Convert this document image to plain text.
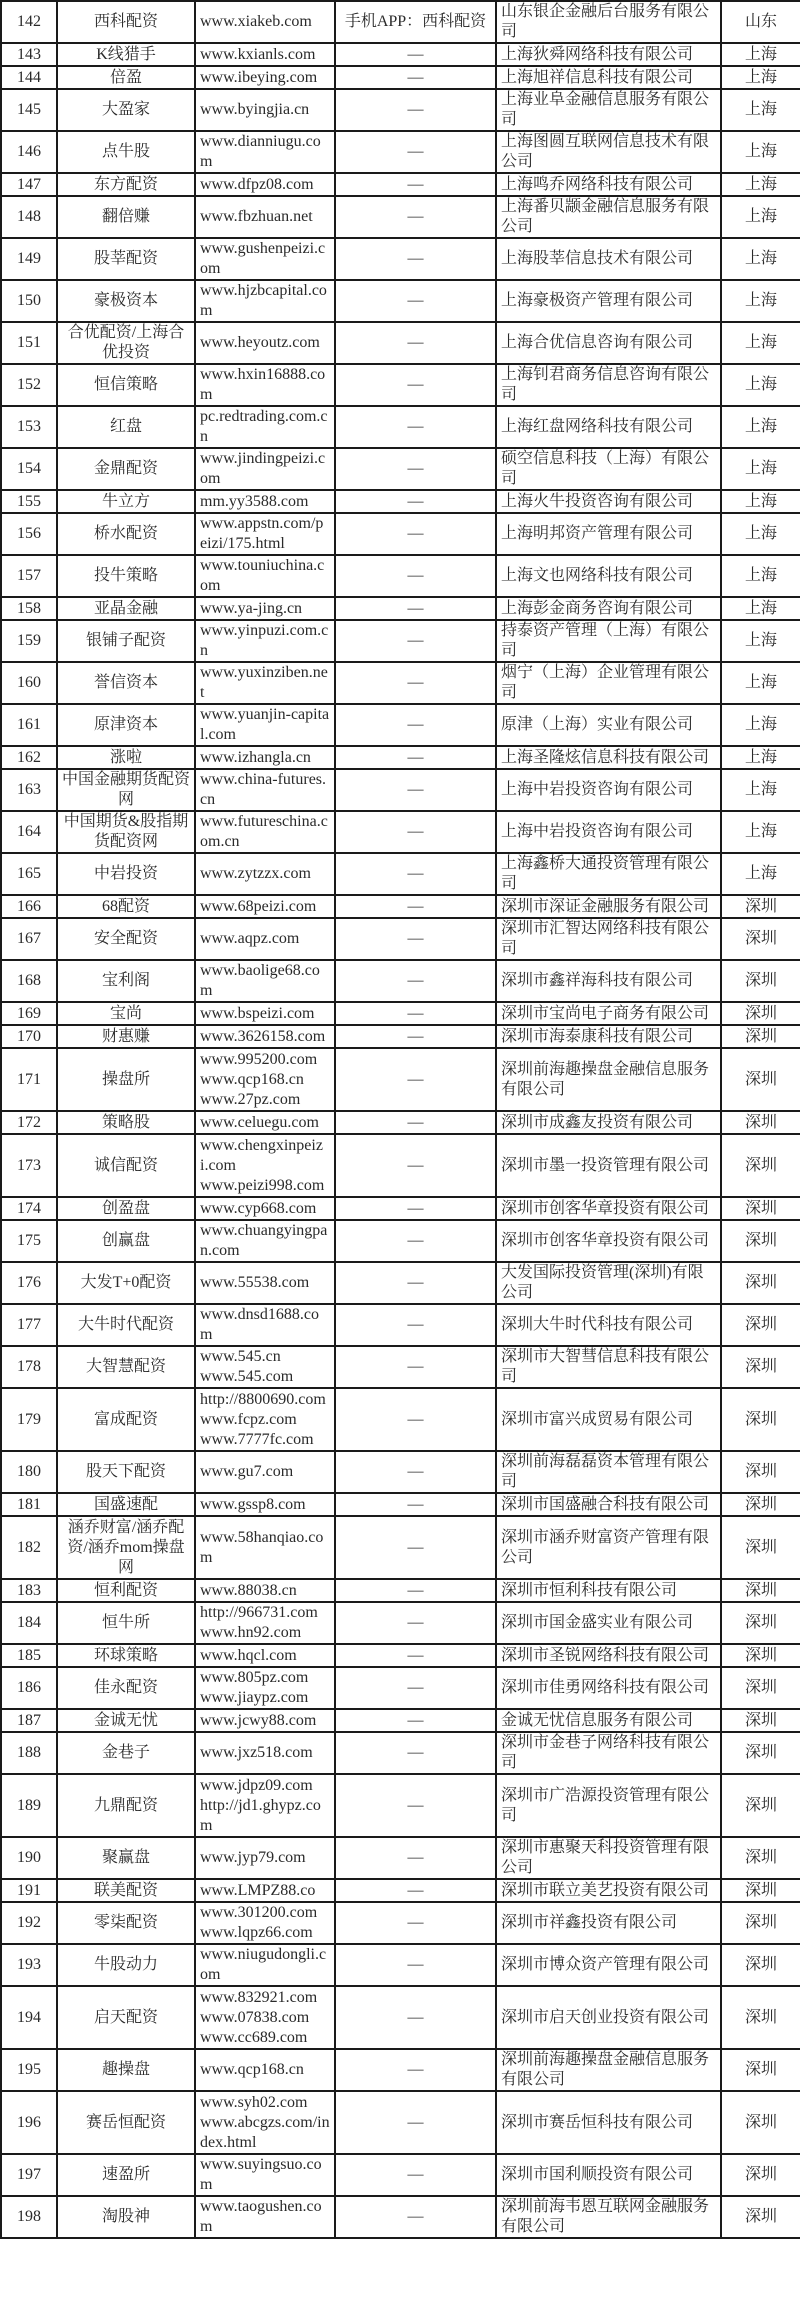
142	西科配资	www.xiakeb.com	手机APP：西科配资	山东银企金融后台服务有限公司	山东
143	K线猎手	www.kxianls.com	—	上海狄舜网络科技有限公司	上海
144	倍盈	www.ibeying.com	—	上海旭祥信息科技有限公司	上海
145	大盈家	www.byingjia.cn	—	上海业阜金融信息服务有限公司	上海
146	点牛股	www.dianniugu.com	—	上海图圆互联网信息技术有限公司	上海
147	东方配资	www.dfpz08.com	—	上海鸣乔网络科技有限公司	上海
148	翻倍赚	www.fbzhuan.net	—	上海番贝颛金融信息服务有限公司	上海
149	股莘配资	www.gushenpeizi.com	—	上海股莘信息技术有限公司	上海
150	豪极资本	www.hjzbcapital.com	—	上海豪极资产管理有限公司	上海
151	合优配资/上海合优投资	www.heyoutz.com	—	上海合优信息咨询有限公司	上海
152	恒信策略	www.hxin16888.com	—	上海钊君商务信息咨询有限公司	上海
153	红盘	pc.redtrading.com.cn	—	上海红盘网络科技有限公司	上海
154	金鼎配资	www.jindingpeizi.com	—	硕空信息科技（上海）有限公司	上海
155	牛立方	mm.yy3588.com	—	上海火牛投资咨询有限公司	上海
156	桥水配资	www.appstn.com/peizi/175.html	—	上海明邦资产管理有限公司	上海
157	投牛策略	www.touniuchina.com	—	上海文也网络科技有限公司	上海
158	亚晶金融	www.ya-jing.cn	—	上海彭金商务咨询有限公司	上海
159	银铺子配资	www.yinpuzi.com.cn	—	持泰资产管理（上海）有限公司	上海
160	誉信资本	www.yuxinziben.net	—	烟宁（上海）企业管理有限公司	上海
161	原津资本	www.yuanjin-capital.com	—	原津（上海）实业有限公司	上海
162	涨啦	www.izhangla.cn	—	上海圣隆炫信息科技有限公司	上海
163	中国金融期货配资网	www.china-futures.cn	—	上海中岩投资咨询有限公司	上海
164	中国期货&股指期货配资网	www.futureschina.com.cn	—	上海中岩投资咨询有限公司	上海
165	中岩投资	www.zytzzx.com	—	上海鑫桥大通投资管理有限公司	上海
166	68配资	www.68peizi.com	—	深圳市深证金融服务有限公司	深圳
167	安全配资	www.aqpz.com	—	深圳市汇智达网络科技有限公司	深圳
168	宝利阁	www.baolige68.com	—	深圳市鑫祥海科技有限公司	深圳
169	宝尚	www.bspeizi.com	—	深圳市宝尚电子商务有限公司	深圳
170	财惠赚	www.3626158.com	—	深圳市海泰康科技有限公司	深圳
171	操盘所	www.995200.com
www.qcp168.cn
www.27pz.com	—	深圳前海趣操盘金融信息服务有限公司	深圳
172	策略股	www.celuegu.com	—	深圳市成鑫友投资有限公司	深圳
173	诚信配资	www.chengxinpeizi.com
www.peizi998.com	—	深圳市墨一投资管理有限公司	深圳
174	创盈盘	www.cyp668.com	—	深圳市创客华章投资有限公司	深圳
175	创赢盘	www.chuangyingpan.com	—	深圳市创客华章投资有限公司	深圳
176	大发T+0配资	www.55538.com	—	大发国际投资管理(深圳)有限公司	深圳
177	大牛时代配资	www.dnsd1688.com	—	深圳大牛时代科技有限公司	深圳
178	大智慧配资	www.545.cn
www.545.com	—	深圳市大智彗信息科技有限公司	深圳
179	富成配资	http://8800690.com
www.fcpz.com
www.7777fc.com	—	深圳市富兴成贸易有限公司	深圳
180	股天下配资	www.gu7.com	—	深圳前海磊磊资本管理有限公司	深圳
181	国盛速配	www.gssp8.com	—	深圳市国盛融合科技有限公司	深圳
182	涵乔财富/涵乔配资/涵乔mom操盘网	www.58hanqiao.com	—	深圳市涵乔财富资产管理有限公司	深圳
183	恒利配资	www.88038.cn	—	深圳市恒利科技有限公司	深圳
184	恒牛所	http://966731.com
www.hn92.com	—	深圳市国金盛实业有限公司	深圳
185	环球策略	www.hqcl.com	—	深圳市圣锐网络科技有限公司	深圳
186	佳永配资	www.805pz.com
www.jiaypz.com	—	深圳市佳勇网络科技有限公司	深圳
187	金诚无忧	www.jcwy88.com	—	金诚无忧信息服务有限公司	深圳
188	金巷子	www.jxz518.com	—	深圳市金巷子网络科技有限公司	深圳
189	九鼎配资	www.jdpz09.com
http://jd1.ghypz.com	—	深圳市广浩源投资管理有限公司	深圳
190	聚赢盘	www.jyp79.com	—	深圳市惠聚天科投资管理有限公司	深圳
191	联美配资	www.LMPZ88.co	—	深圳市联立美艺投资有限公司	深圳
192	零柒配资	www.301200.com
www.lqpz66.com	—	深圳市祥鑫投资有限公司	深圳
193	牛股动力	www.niugudongli.com	—	深圳市博众资产管理有限公司	深圳
194	启天配资	www.832921.com
www.07838.com
www.cc689.com	—	深圳市启天创业投资有限公司	深圳
195	趣操盘	www.qcp168.cn	—	深圳前海趣操盘金融信息服务有限公司	深圳
196	赛岳恒配资	www.syh02.com
www.abcgzs.com/index.html	—	深圳市赛岳恒科技有限公司	深圳
197	速盈所	www.suyingsuo.com	—	深圳市国利顺投资有限公司	深圳
198	淘股神	www.taogushen.com	—	深圳前海韦恩互联网金融服务有限公司	深圳
